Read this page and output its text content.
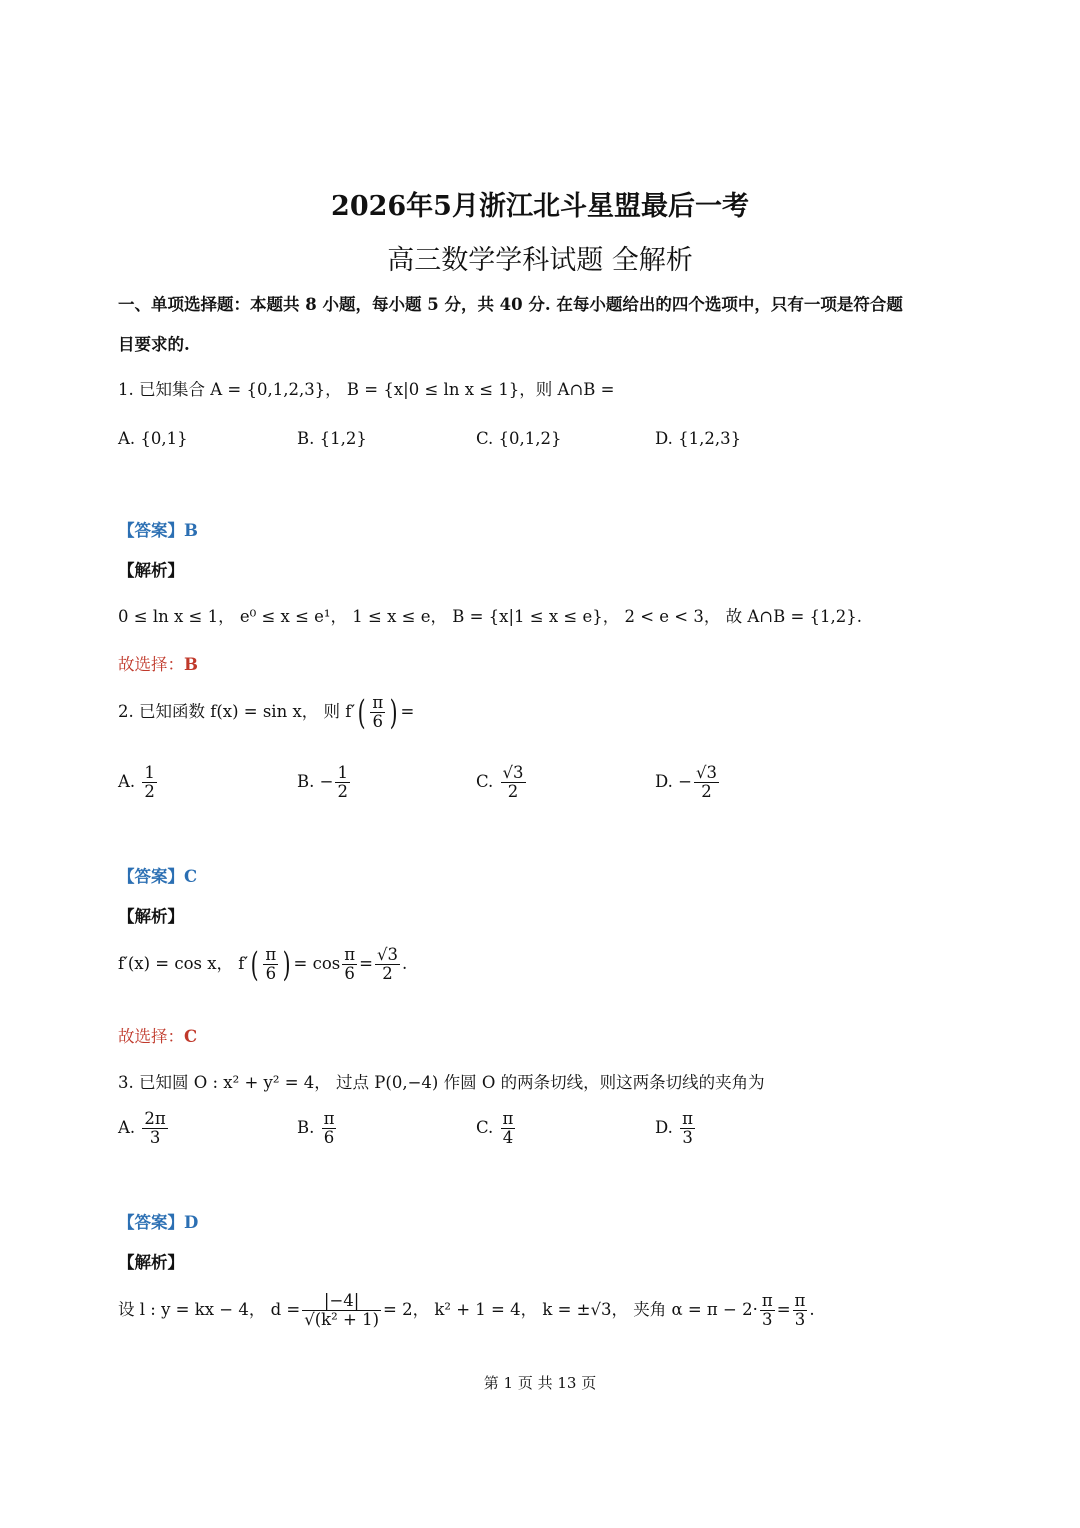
2026年5月浙江北斗星盟最后一考
高三数学学科试题 全解析
一、单项选择题：本题共 8 小题，每小题 5 分，共 40 分. 在每小题给出的四个选项中，只有一项是符合题
目要求的.
1. 已知集合 A = {0,1,2,3}， B = {x|0 ≤ ln x ≤ 1}，则 A∩B =
A. {0,1}	B. {1,2}	C. {0,1,2}	D. {1,2,3}
【答案】B
【解析】
0 ≤ ln x ≤ 1， e⁰ ≤ x ≤ e¹， 1 ≤ x ≤ e， B = {x|1 ≤ x ≤ e}， 2 < e < 3， 故 A∩B = {1,2}.
故选择：B
2. 已知函数 f(x) = sin x， 则 $f'( \frac{\pi}{6}$ ) =
A. $\frac{1}{2}$	B. − $\frac{1}{2}$	C. $\frac{√3}{2}$	D. − $\frac{√3}{2}$
【答案】C
【解析】
f′(x) = cos x， $f'( \frac{\pi}{6}$ ) = $\cos \frac{\pi}{6} = \frac{√3}{2}$ .
故选择：C
3. 已知圆 O : x² + y² = 4， 过点 P(0,−4) 作圆 O 的两条切线，则这两条切线的夹角为
A. $\frac{2\pi}{3}$	B. $\frac{\pi}{6}$	C. $\frac{\pi}{4}$	D. $\frac{\pi}{3}$
【答案】D
【解析】
设 l : y = kx − 4， $d = \frac{|-4|}{\text{√(k² + 1)}} = 2$， k² + 1 = 4， k = ±√3， 夹角 $\alpha = \pi - 2\cdot \frac{\pi}{3} = \frac{\pi}{3}$ .
第 1 页 共 13 页
